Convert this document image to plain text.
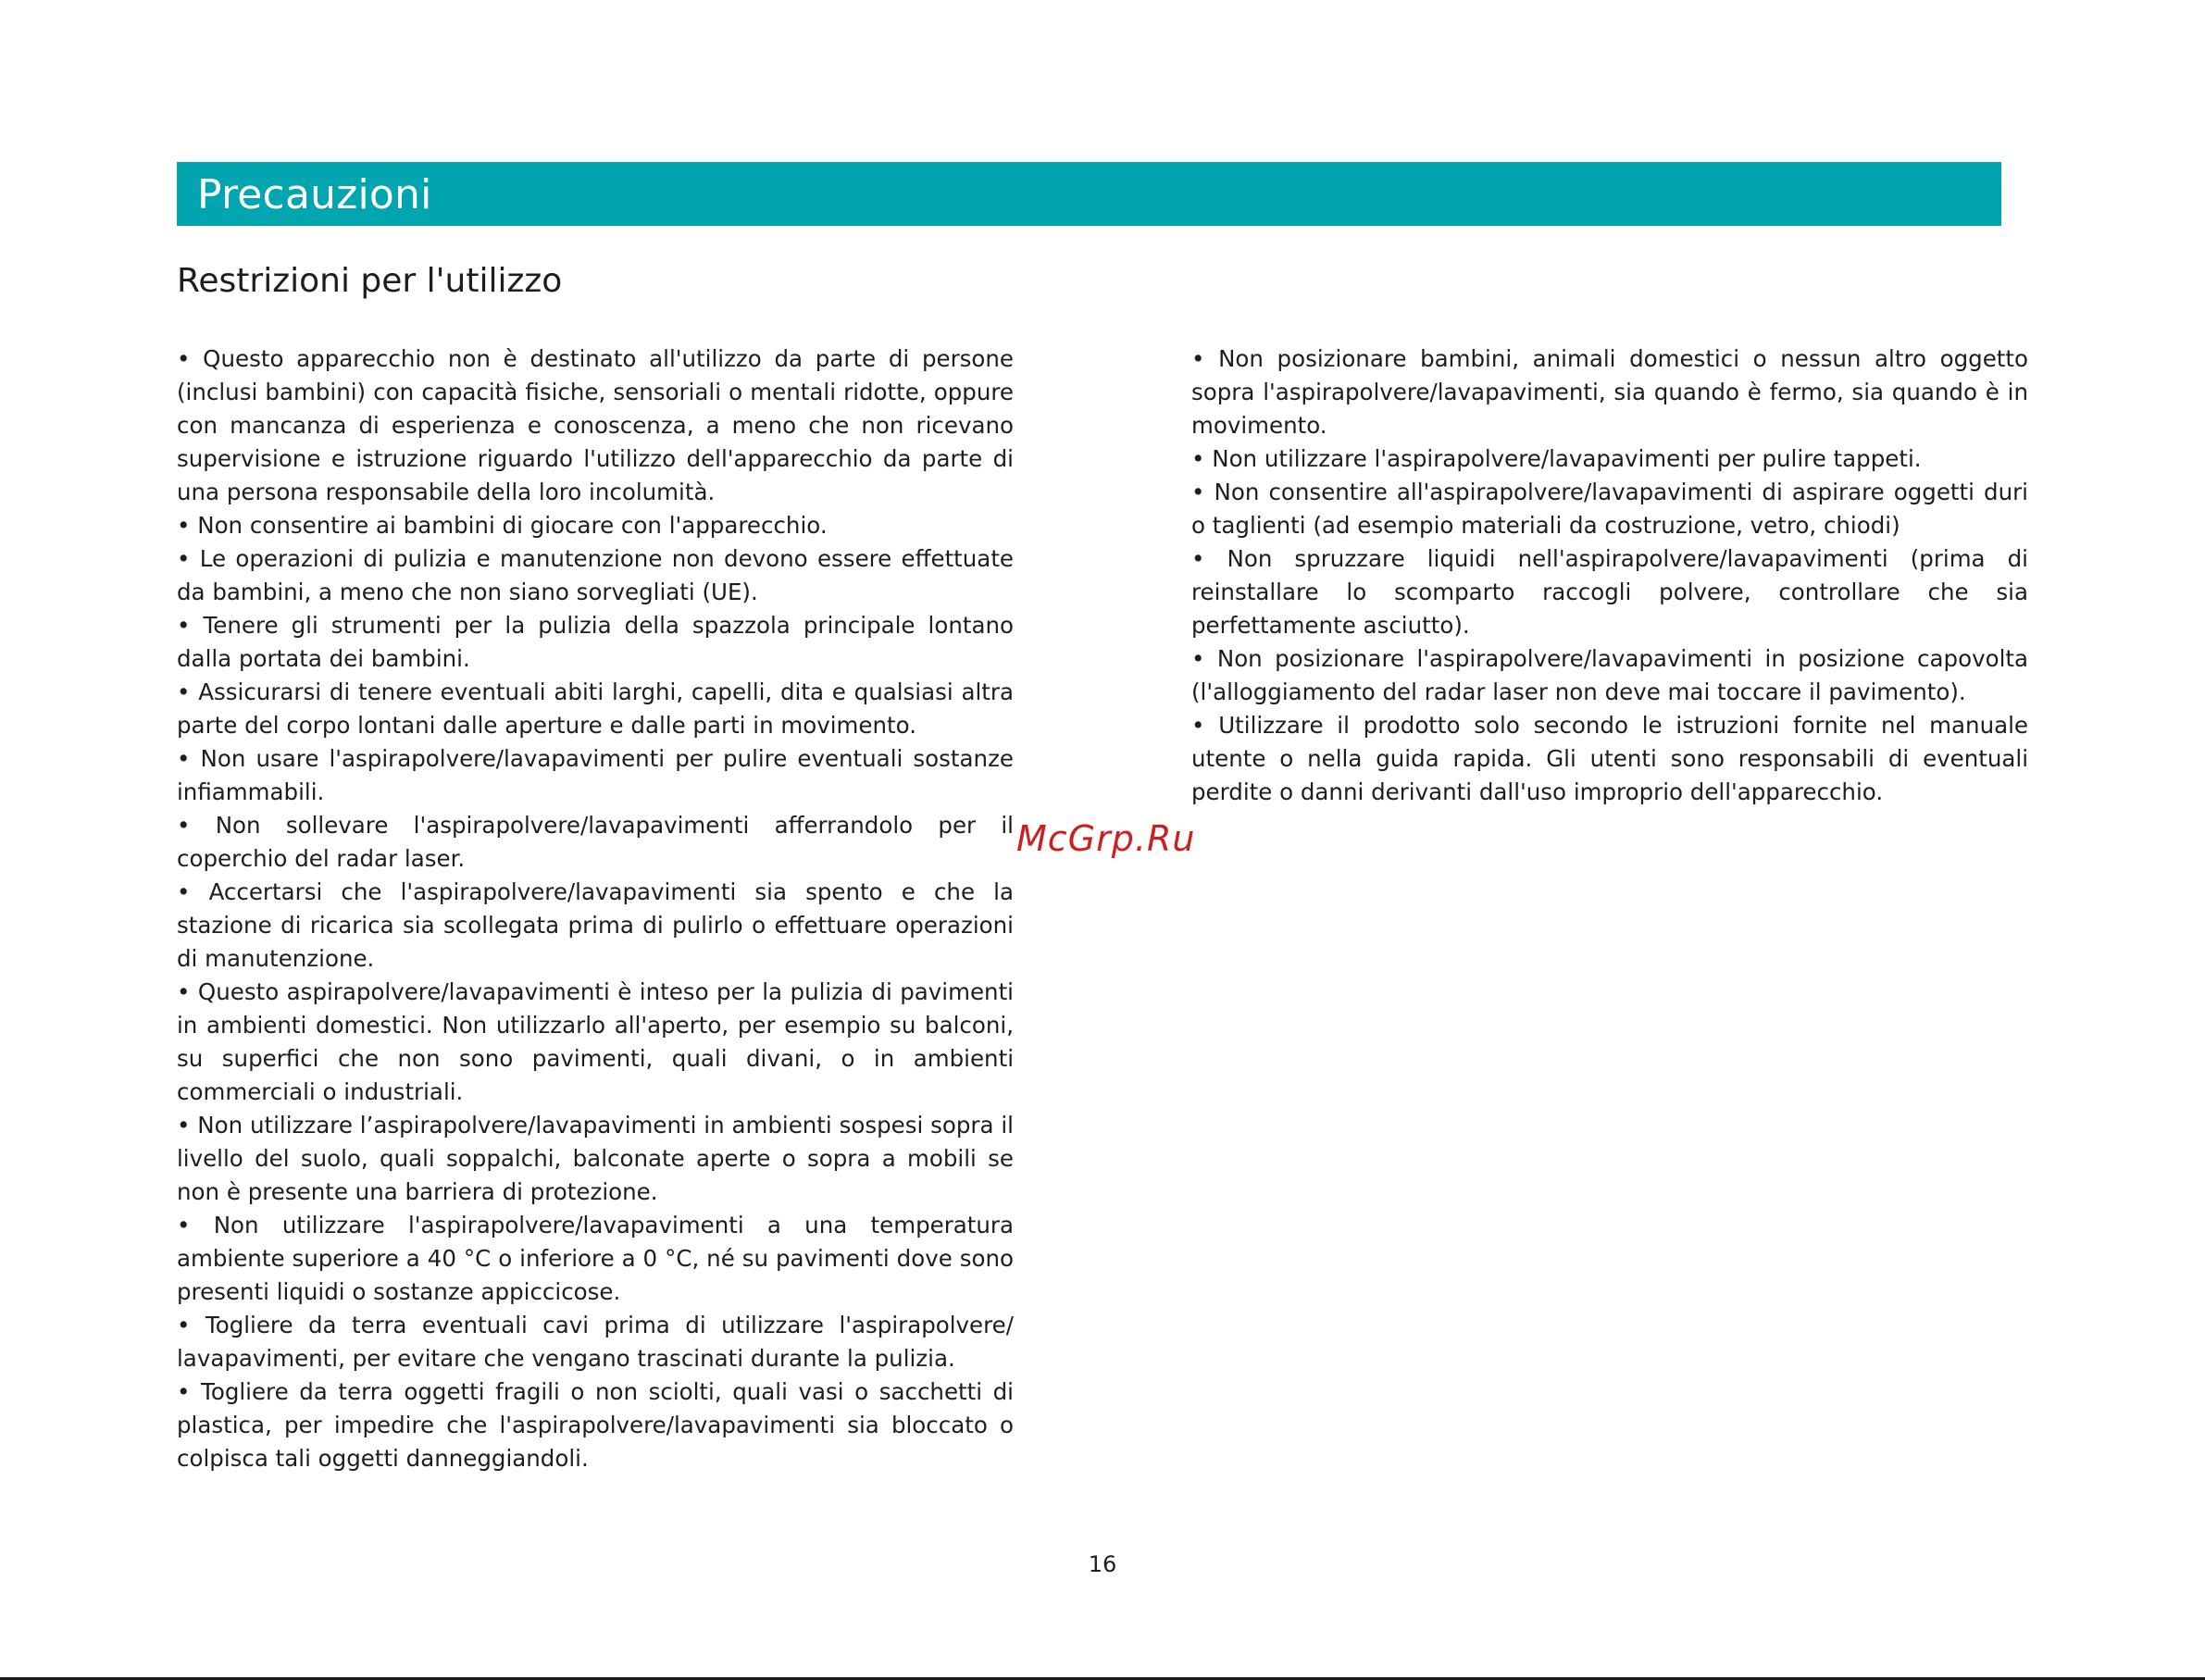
Precauzioni
Restrizioni per l'utilizzo

• Questo apparecchio non è destinato all'utilizzo da parte di persone (inclusi bambini) con capacità fisiche, sensoriali o mentali ridotte, oppure con mancanza di esperienza e conoscenza, a meno che non ricevano supervisione e istruzione riguardo l'utilizzo dell'apparecchio da parte di una persona responsabile della loro incolumità.

• Non consentire ai bambini di giocare con l'apparecchio.

• Le operazioni di pulizia e manutenzione non devono essere effettuate da bambini, a meno che non siano sorvegliati (UE).

• Tenere gli strumenti per la pulizia della spazzola principale lontano dalla portata dei bambini.

• Assicurarsi di tenere eventuali abiti larghi, capelli, dita e qualsiasi altra parte del corpo lontani dalle aperture e dalle parti in movimento.

• Non usare l'aspirapolvere/lavapavimenti per pulire eventuali sostanze infiammabili.

• Non sollevare l'aspirapolvere/lavapavimenti afferrandolo per il coperchio del radar laser.

• Accertarsi che l'aspirapolvere/lavapavimenti sia spento e che la stazione di ricarica sia scollegata prima di pulirlo o effettuare operazioni di manutenzione.

• Questo aspirapolvere/lavapavimenti è inteso per la pulizia di pavimenti in ambienti domestici. Non utilizzarlo all'aperto, per esempio su balconi, su superfici che non sono pavimenti, quali divani, o in ambienti commerciali o industriali.

• Non utilizzare l’aspirapolvere/lavapavimenti in ambienti sospesi sopra il livello del suolo, quali soppalchi, balconate aperte o sopra a mobili se non è presente una barriera di protezione.

• Non utilizzare l'aspirapolvere/lavapavimenti a una temperatura ambiente superiore a 40 °C o inferiore a 0 °C, né su pavimenti dove sono presenti liquidi o sostanze appiccicose.

• Togliere da terra eventuali cavi prima di utilizzare l'aspirapolvere/ lavapavimenti, per evitare che vengano trascinati durante la pulizia.

• Togliere da terra oggetti fragili o non sciolti, quali vasi o sacchetti di plastica, per impedire che l'aspirapolvere/lavapavimenti sia bloccato o colpisca tali oggetti danneggiandoli.

• Non posizionare bambini, animali domestici o nessun altro oggetto sopra l'aspirapolvere/lavapavimenti, sia quando è fermo, sia quando è in movimento.

• Non utilizzare l'aspirapolvere/lavapavimenti per pulire tappeti.

• Non consentire all'aspirapolvere/lavapavimenti di aspirare oggetti duri o taglienti (ad esempio materiali da costruzione, vetro, chiodi)

• Non spruzzare liquidi nell'aspirapolvere/lavapavimenti (prima di reinstallare lo scomparto raccogli polvere, controllare che sia perfettamente asciutto).

• Non posizionare l'aspirapolvere/lavapavimenti in posizione capovolta (l'alloggiamento del radar laser non deve mai toccare il pavimento).

• Utilizzare il prodotto solo secondo le istruzioni fornite nel manuale utente o nella guida rapida. Gli utenti sono responsabili di eventuali perdite o danni derivanti dall'uso improprio dell'apparecchio.

McGrp.Ru
16
